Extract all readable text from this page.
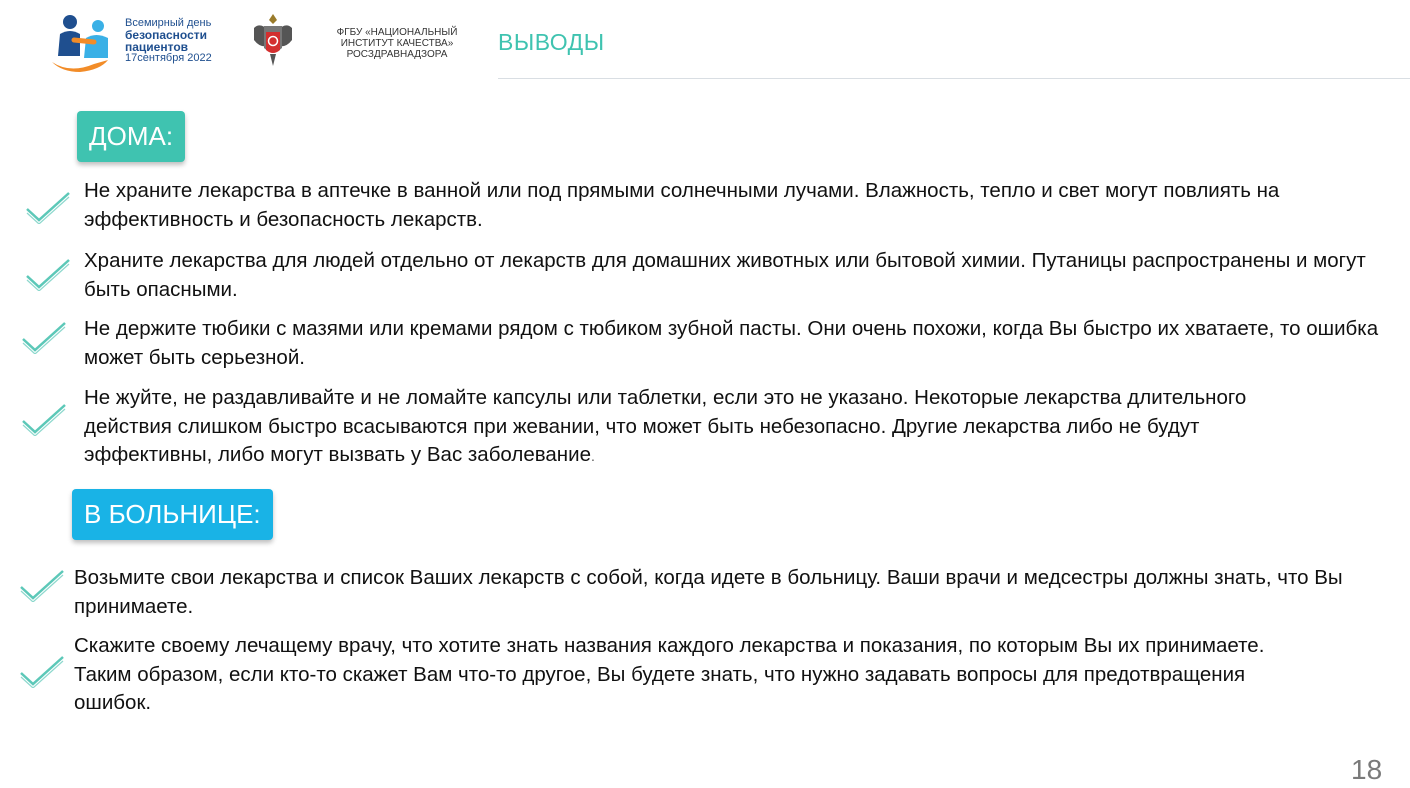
Всемирный день
безопасности
пациентов
17сентября 2022
ФГБУ «НАЦИОНАЛЬНЫЙ
ИНСТИТУТ КАЧЕСТВА»
РОСЗДРАВНАДЗОРА	ВЫВОДЫ
ДОМА:
Не храните лекарства в аптечке в ванной или под прямыми солнечными лучами. Влажность, тепло и свет могут повлиять на эффективность и безопасность лекарств.
Храните лекарства для людей отдельно от лекарств для домашних животных или бытовой химии. Путаницы распространены и могут быть опасными.
Не держите тюбики с мазями или кремами рядом с тюбиком зубной пасты. Они очень похожи, когда Вы быстро их хватаете, то ошибка может быть серьезной.
Не жуйте, не раздавливайте и не ломайте капсулы или таблетки, если это не указано. Некоторые лекарства длительного действия слишком быстро всасываются при жевании, что может быть небезопасно. Другие лекарства либо не будут эффективны, либо могут вызвать у Вас заболевание.
В БОЛЬНИЦЕ:
Возьмите свои лекарства и список Ваших лекарств с собой, когда идете в больницу. Ваши врачи и медсестры должны знать, что Вы принимаете.
Скажите своему лечащему врачу, что хотите знать названия каждого лекарства и показания, по которым Вы их принимаете. Таким образом, если кто-то скажет Вам что-то другое, Вы будете знать, что нужно задавать вопросы для предотвращения ошибок.
18
